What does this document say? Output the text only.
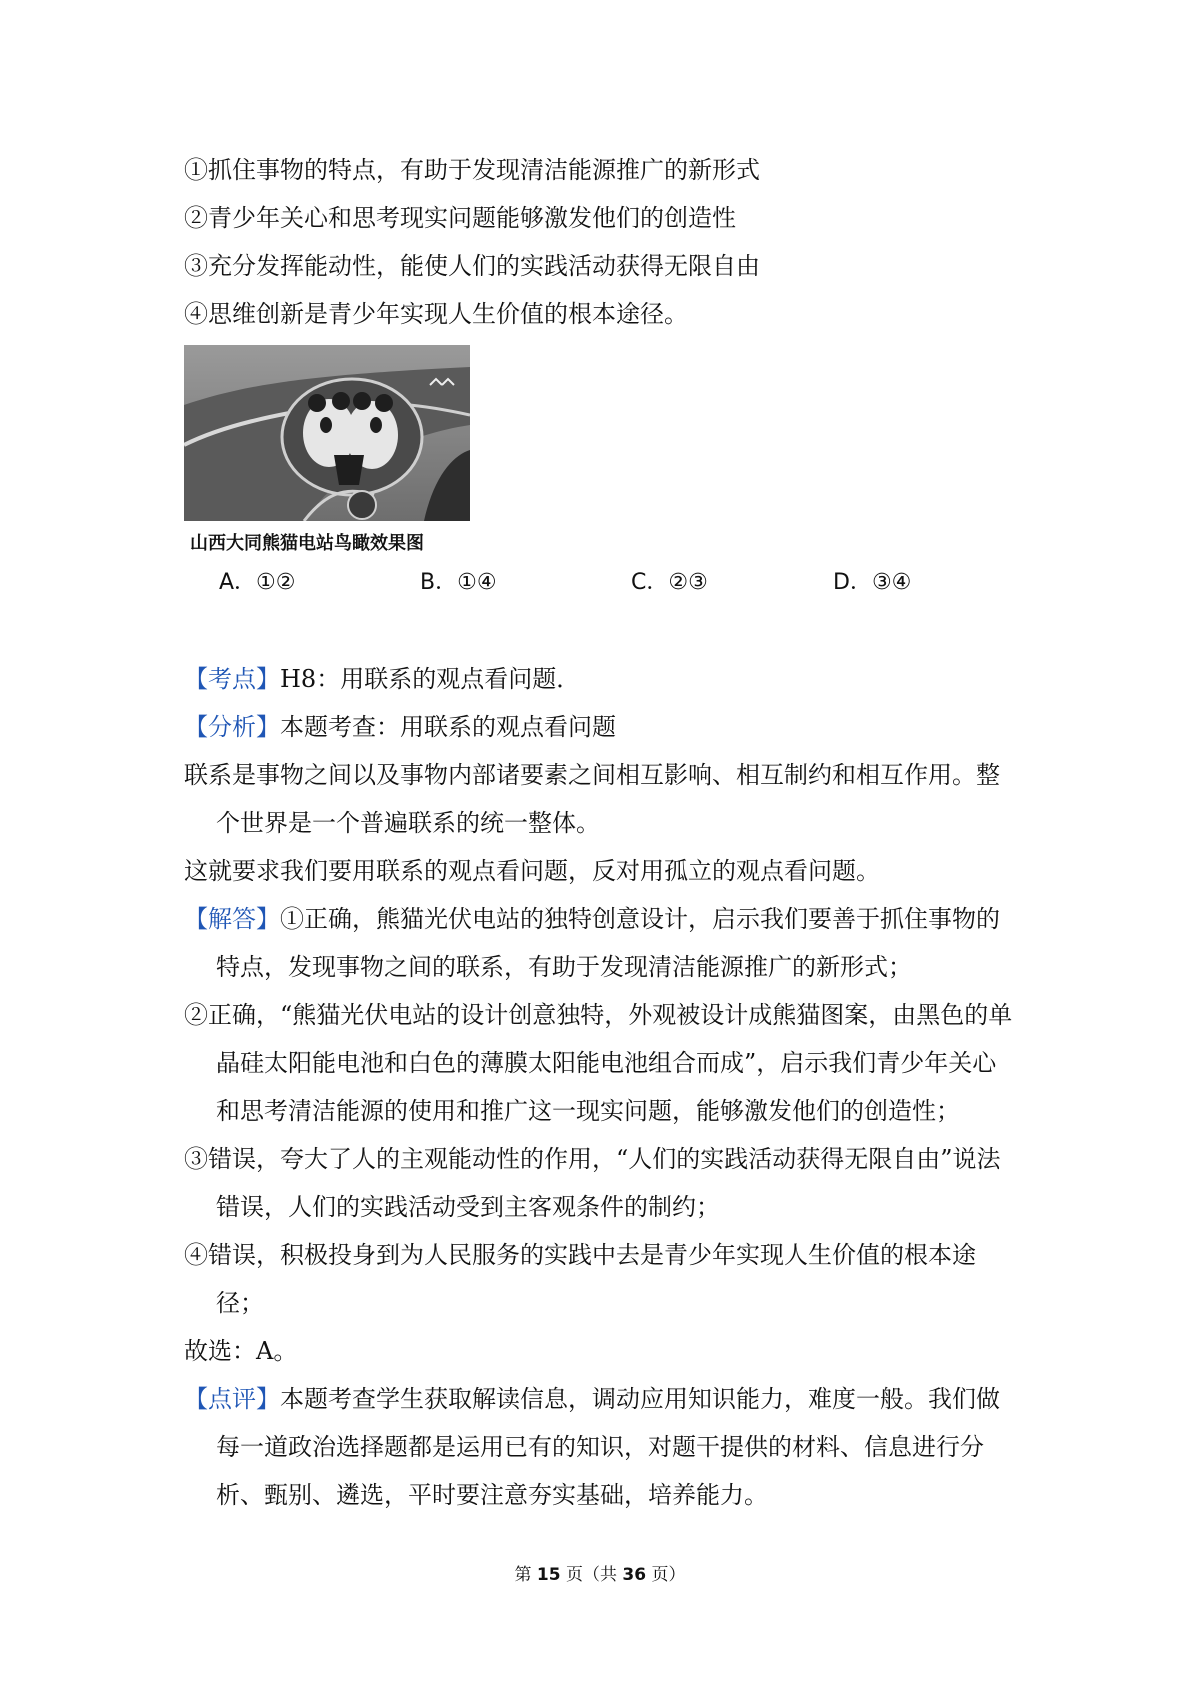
①抓住事物的特点，有助于发现清洁能源推广的新形式
②青少年关心和思考现实问题能够激发他们的创造性
③充分发挥能动性，能使人们的实践活动获得无限自由
④思维创新是青少年实现人生价值的根本途径。
山西大同熊猫电站鸟瞰效果图
A．①②	B．①④	C．②③	D．③④
【考点】H8：用联系的观点看问题．
【分析】本题考查：用联系的观点看问题
联系是事物之间以及事物内部诸要素之间相互影响、相互制约和相互作用。整
个世界是一个普遍联系的统一整体。
这就要求我们要用联系的观点看问题，反对用孤立的观点看问题。
【解答】①正确，熊猫光伏电站的独特创意设计，启示我们要善于抓住事物的
特点，发现事物之间的联系，有助于发现清洁能源推广的新形式；
②正确，“熊猫光伏电站的设计创意独特，外观被设计成熊猫图案，由黑色的单
晶硅太阳能电池和白色的薄膜太阳能电池组合而成”，启示我们青少年关心
和思考清洁能源的使用和推广这一现实问题，能够激发他们的创造性；
③错误，夸大了人的主观能动性的作用，“人们的实践活动获得无限自由”说法
错误，人们的实践活动受到主客观条件的制约；
④错误，积极投身到为人民服务的实践中去是青少年实现人生价值的根本途
径；
故选：A。
【点评】本题考查学生获取解读信息，调动应用知识能力，难度一般。我们做
每一道政治选择题都是运用已有的知识，对题干提供的材料、信息进行分
析、甄别、遴选，平时要注意夯实基础，培养能力。
第 15 页（共 36 页）
